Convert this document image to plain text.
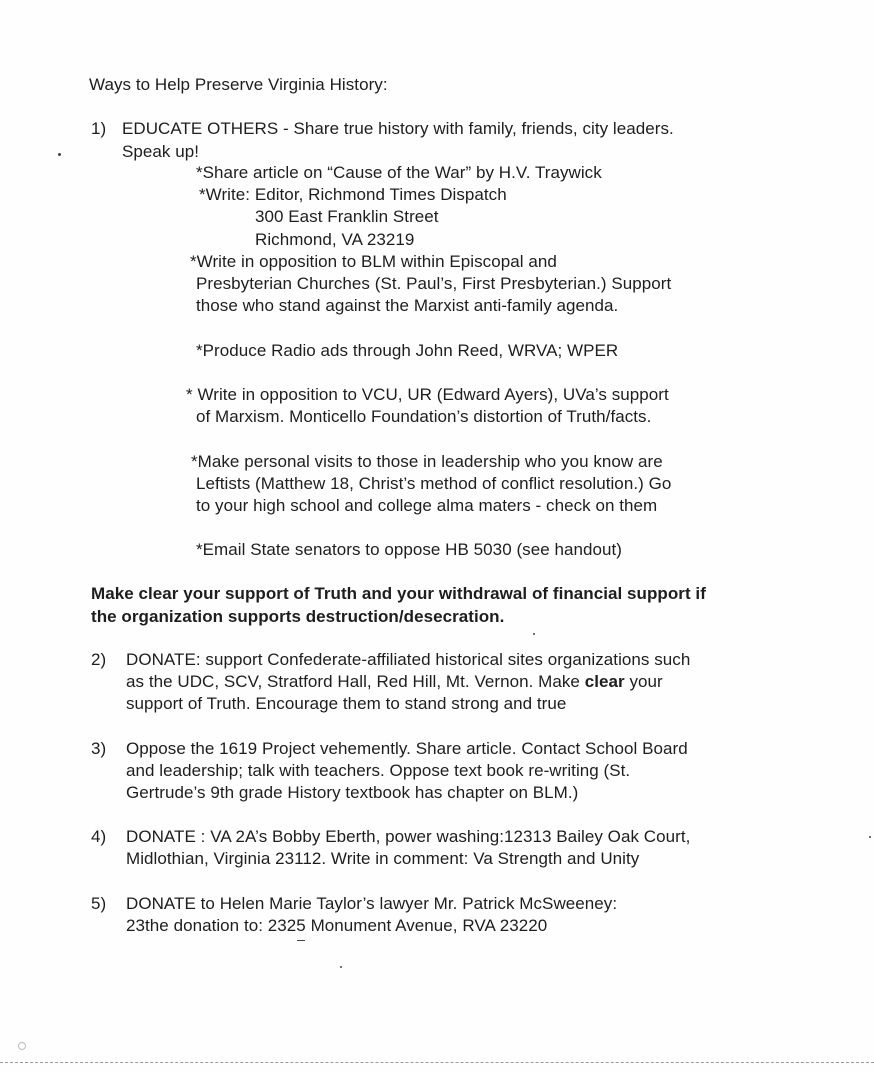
Ways to Help Preserve Virginia History:
1) EDUCATE OTHERS - Share true history with family, friends, city leaders.
Speak up!
*Share article on “Cause of the War” by H.V. Traywick
*Write: Editor, Richmond Times Dispatch
300 East Franklin Street
Richmond, VA 23219
*Write in opposition to BLM within Episcopal and
Presbyterian Churches (St. Paul’s, First Presbyterian.) Support
those who stand against the Marxist anti-family agenda.
*Produce Radio ads through John Reed, WRVA; WPER
* Write in opposition to VCU, UR (Edward Ayers), UVa’s support
of Marxism. Monticello Foundation’s distortion of Truth/facts.
*Make personal visits to those in leadership who you know are
Leftists (Matthew 18, Christ’s method of conflict resolution.) Go
to your high school and college alma maters - check on them
*Email State senators to oppose HB 5030 (see handout)
Make clear your support of Truth and your withdrawal of financial support if
the organization supports destruction/desecration.
2) DONATE: support Confederate-affiliated historical sites organizations such
as the UDC, SCV, Stratford Hall, Red Hill, Mt. Vernon. Make clear your
support of Truth. Encourage them to stand strong and true
3) Oppose the 1619 Project vehemently. Share article. Contact School Board
and leadership; talk with teachers. Oppose text book re-writing (St.
Gertrude’s 9th grade History textbook has chapter on BLM.)
4) DONATE : VA 2A’s Bobby Eberth, power washing:12313 Bailey Oak Court,
Midlothian, Virginia 23112. Write in comment: Va Strength and Unity
5) DONATE to Helen Marie Taylor’s lawyer Mr. Patrick McSweeney:
23the donation to: 2325 Monument Avenue, RVA 23220
